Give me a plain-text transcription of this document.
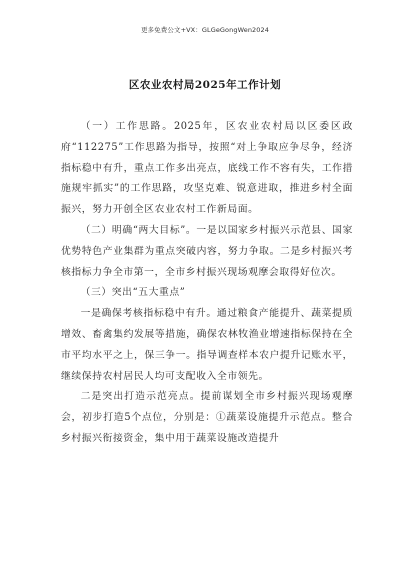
更多免费公文+VX：GLGeGongWen2024
区农业农村局2025年工作计划

（一）工作思路。2025年，区农业农村局以区委区政府“112275”工作思路为指导，按照“对上争取应争尽争，经济指标稳中有升，重点工作多出亮点，底线工作不容有失，工作措施规牢抓实”的工作思路，攻坚克难、锐意进取，推进乡村全面振兴，努力开创全区农业农村工作新局面。

（二）明确“两大目标”。一是以国家乡村振兴示范县、国家优势特色产业集群为重点突破内容，努力争取。二是乡村振兴考核指标力争全市第一，全市乡村振兴现场观摩会取得好位次。

（三）突出“五大重点”

一是确保考核指标稳中有升。通过粮食产能提升、蔬菜提质增效、畜禽集约发展等措施，确保农林牧渔业增速指标保持在全市平均水平之上，保三争一。指导调查样本农户提升记账水平，继续保持农村居民人均可支配收入全市领先。

二是突出打造示范亮点。提前谋划全市乡村振兴现场观摩会，初步打造5个点位，分别是：①蔬菜设施提升示范点。整合乡村振兴衔接资金，集中用于蔬菜设施改造提升
